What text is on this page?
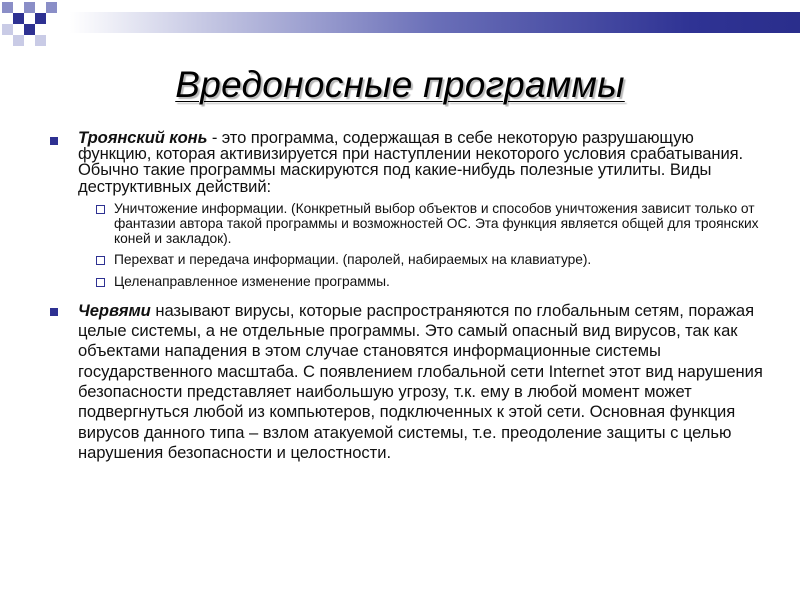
Вредоносные программы
Троянский конь - это программа, содержащая в себе некоторую разрушающую функцию, которая активизируется при наступлении некоторого условия срабатывания. Обычно такие программы маскируются под какие-нибудь полезные утилиты. Виды деструктивных действий:
Уничтожение информации. (Конкретный выбор объектов и способов уничтожения зависит только от фантазии автора такой программы и возможностей ОС. Эта функция является общей для троянских коней и закладок).
Перехват и передача информации. (паролей, набираемых на клавиатуре).
Целенаправленное изменение программы.
Червями называют вирусы, которые распространяются по глобальным сетям, поражая целые системы, а не отдельные программы. Это самый опасный вид вирусов, так как объектами нападения в этом случае становятся информационные системы государственного масштаба. С появлением глобальной сети Internet этот вид нарушения безопасности представляет наибольшую угрозу, т.к. ему в любой момент может подвергнуться любой из компьютеров, подключенных к этой сети. Основная функция вирусов данного типа – взлом атакуемой системы, т.е. преодоление защиты с целью нарушения безопасности и целостности.
